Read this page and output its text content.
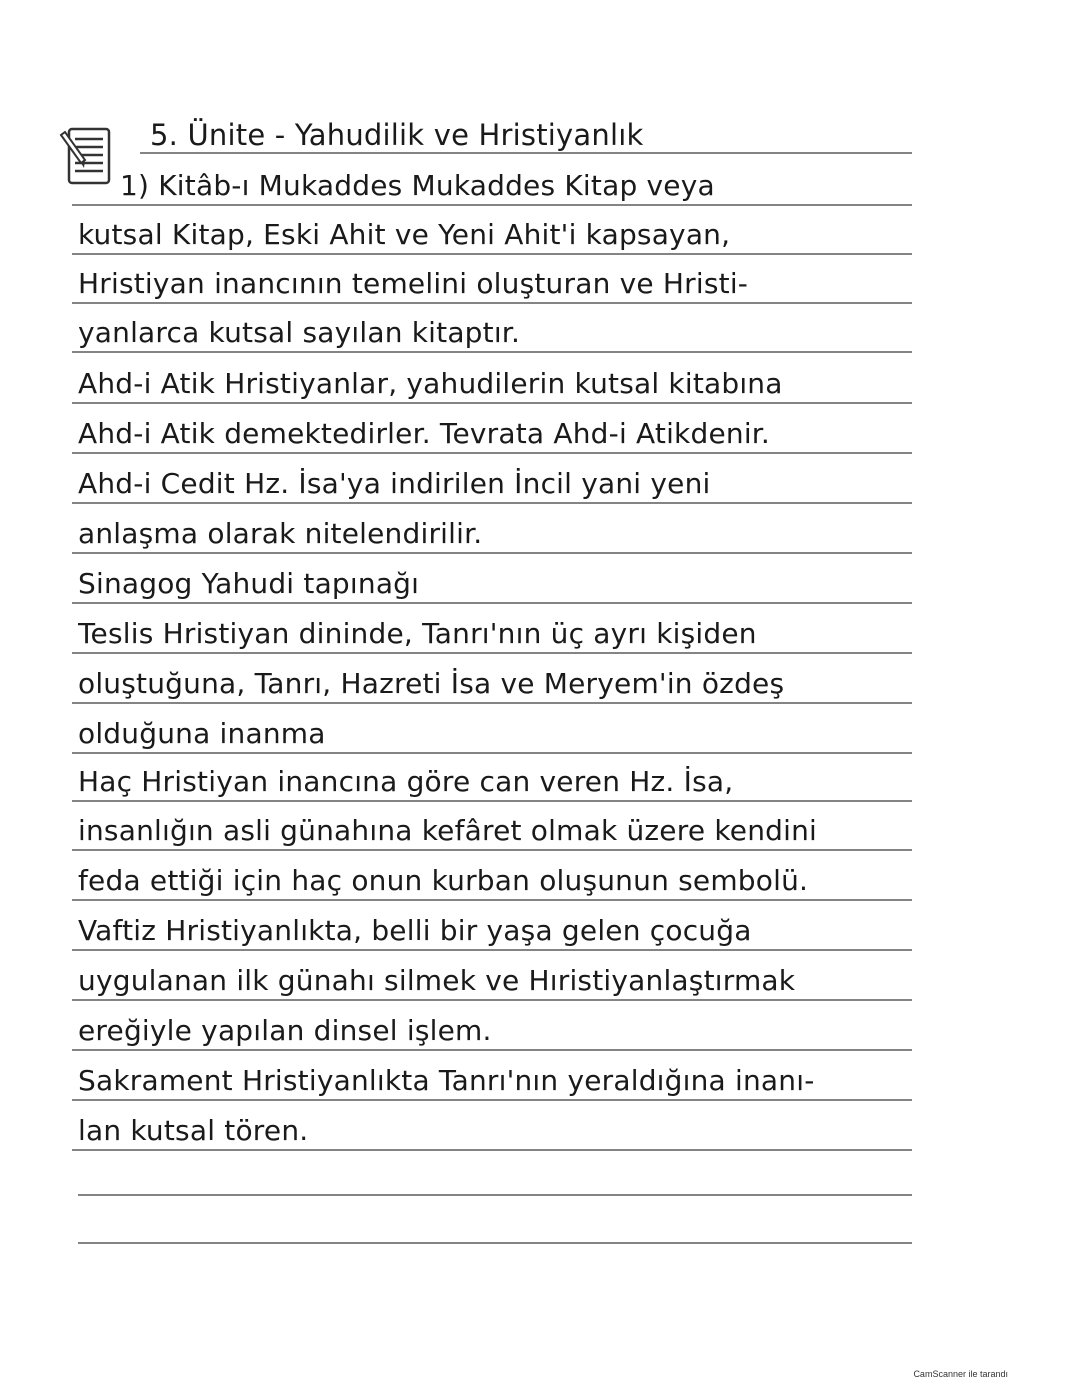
5. Ünite - Yahudilik ve Hristiyanlık
1) Kitâb-ı Mukaddes Mukaddes Kitap veya
kutsal Kitap, Eski Ahit ve Yeni Ahit'i kapsayan,
Hristiyan inancının temelini oluşturan ve Hristi-
yanlarca kutsal sayılan kitaptır.
Ahd-i Atik Hristiyanlar, yahudilerin kutsal kitabına
Ahd-i Atik demektedirler. Tevrata Ahd-i Atikdenir.
Ahd-i Cedit Hz. İsa'ya indirilen İncil yani yeni
anlaşma olarak nitelendirilir.
Sinagog Yahudi tapınağı
Teslis Hristiyan dininde, Tanrı'nın üç ayrı kişiden
oluştuğuna, Tanrı, Hazreti İsa ve Meryem'in özdeş
olduğuna inanma
Haç Hristiyan inancına göre can veren Hz. İsa,
insanlığın asli günahına kefâret olmak üzere kendini
feda ettiği için haç onun kurban oluşunun sembolü.
Vaftiz Hristiyanlıkta, belli bir yaşa gelen çocuğa
uygulanan ilk günahı silmek ve Hıristiyanlaştırmak
ereğiyle yapılan dinsel işlem.
Sakrament Hristiyanlıkta Tanrı'nın yeraldığına inanı-
lan kutsal tören.
CamScanner ile tarandı
